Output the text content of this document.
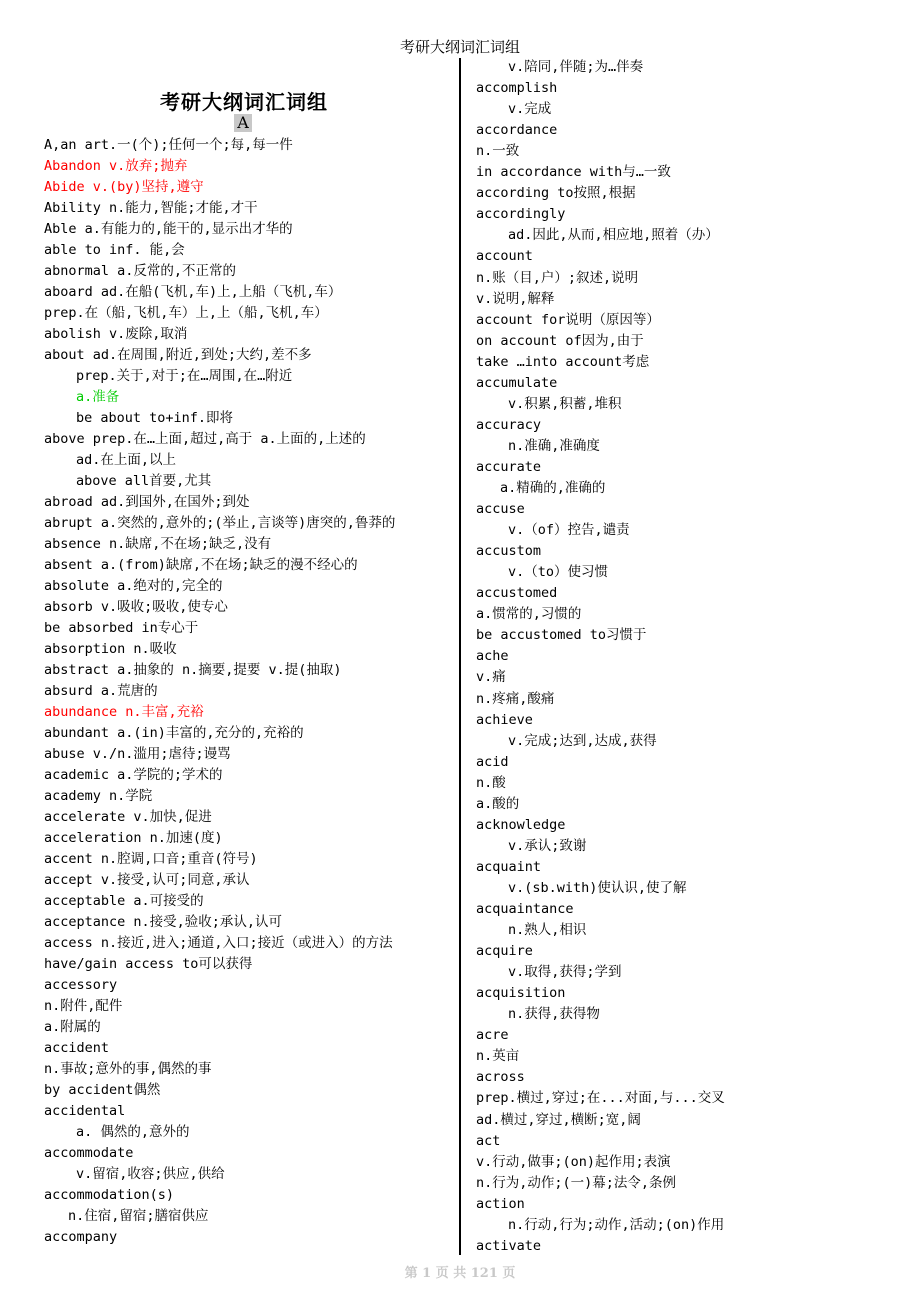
考研大纲词汇词组
考研大纲词汇词组
A
A,an art.一(个);任何一个;每,每一件
Abandon v.放弃;抛弃
Abide v.(by)坚持,遵守
Ability n.能力,智能;才能,才干
Able a.有能力的,能干的,显示出才华的
able to inf. 能,会
abnormal a.反常的,不正常的
aboard ad.在船(飞机,车)上,上船（飞机,车）
prep.在（船,飞机,车）上,上（船,飞机,车）
abolish v.废除,取消
about ad.在周围,附近,到处;大约,差不多
prep.关于,对于;在…周围,在…附近
a.准备
be about to+inf.即将
above prep.在…上面,超过,高于 a.上面的,上述的
ad.在上面,以上
above all首要,尤其
abroad ad.到国外,在国外;到处
abrupt a.突然的,意外的;(举止,言谈等)唐突的,鲁莽的
absence n.缺席,不在场;缺乏,没有
absent a.(from)缺席,不在场;缺乏的漫不经心的
absolute a.绝对的,完全的
absorb v.吸收;吸收,使专心
be absorbed in专心于
absorption n.吸收
abstract a.抽象的 n.摘要,提要 v.提(抽取)
absurd a.荒唐的
abundance n.丰富,充裕
abundant a.(in)丰富的,充分的,充裕的
abuse v./n.滥用;虐待;谩骂
academic a.学院的;学术的
academy n.学院
accelerate v.加快,促进
acceleration n.加速(度)
accent n.腔调,口音;重音(符号)
accept v.接受,认可;同意,承认
acceptable a.可接受的
acceptance n.接受,验收;承认,认可
access n.接近,进入;通道,入口;接近（或进入）的方法
have/gain access to可以获得
accessory
n.附件,配件
a.附属的
accident
n.事故;意外的事,偶然的事
by accident偶然
accidental
a. 偶然的,意外的
accommodate
v.留宿,收容;供应,供给
accommodation(s)
n.住宿,留宿;膳宿供应
accompany
v.陪同,伴随;为…伴奏
accomplish
v.完成
accordance
n.一致
in accordance with与…一致
according to按照,根据
accordingly
ad.因此,从而,相应地,照着（办）
account
n.账（目,户）;叙述,说明
v.说明,解释
account for说明（原因等）
on account of因为,由于
take …into account考虑
accumulate
v.积累,积蓄,堆积
accuracy
n.准确,准确度
accurate
a.精确的,准确的
accuse
v.（of）控告,谴责
accustom
v.（to）使习惯
accustomed
a.惯常的,习惯的
be accustomed to习惯于
ache
v.痛
n.疼痛,酸痛
achieve
v.完成;达到,达成,获得
acid
n.酸
a.酸的
acknowledge
v.承认;致谢
acquaint
v.(sb.with)使认识,使了解
acquaintance
n.熟人,相识
acquire
v.取得,获得;学到
acquisition
n.获得,获得物
acre
n.英亩
across
prep.横过,穿过;在...对面,与...交叉
ad.横过,穿过,横断;宽,阔
act
v.行动,做事;(on)起作用;表演
n.行为,动作;(一)幕;法令,条例
action
n.行动,行为;动作,活动;(on)作用
activate
第 1 页 共 121 页
